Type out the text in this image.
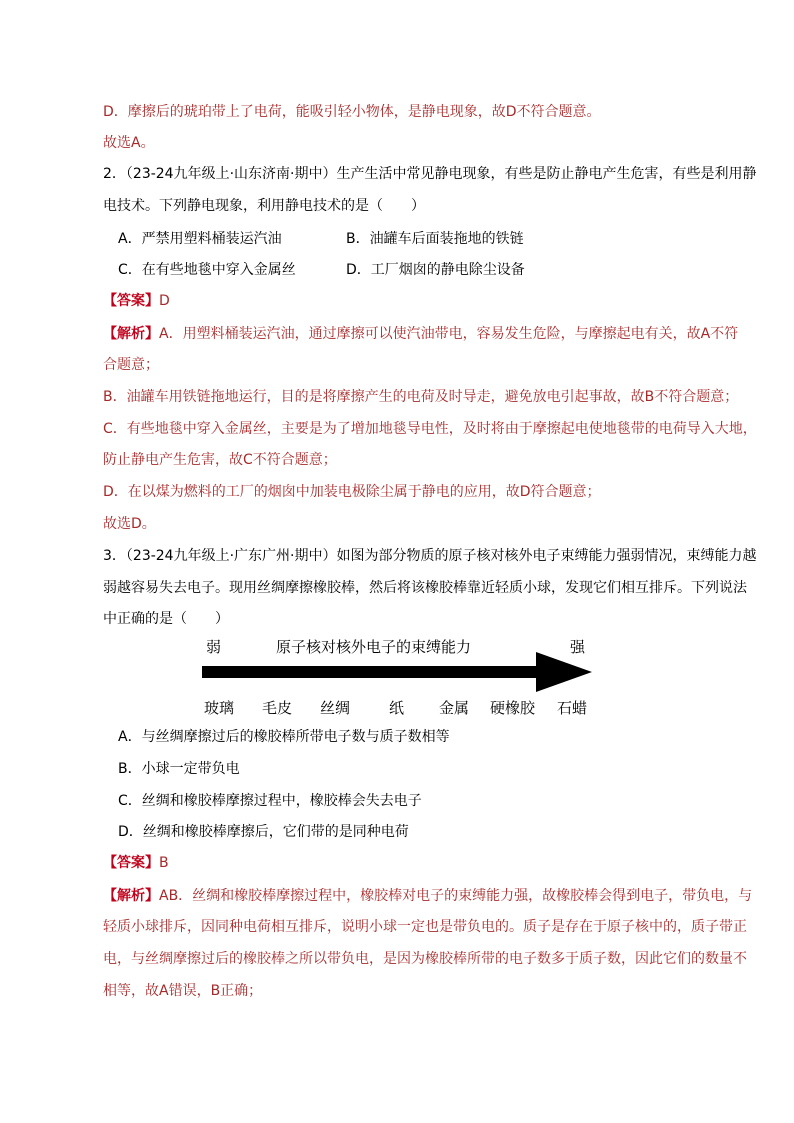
D．摩擦后的琥珀带上了电荷，能吸引轻小物体，是静电现象，故D不符合题意。
故选A。
2．（23-24九年级上·山东济南·期中）生产生活中常见静电现象，有些是防止静电产生危害，有些是利用静
电技术。下列静电现象，利用静电技术的是（　　）
A．严禁用塑料桶装运汽油	B．油罐车后面装拖地的铁链
C．在有些地毯中穿入金属丝	D．工厂烟囱的静电除尘设备
【答案】D
【解析】A．用塑料桶装运汽油，通过摩擦可以使汽油带电，容易发生危险，与摩擦起电有关，故A不符
合题意；
B．油罐车用铁链拖地运行，目的是将摩擦产生的电荷及时导走，避免放电引起事故，故B不符合题意；
C．有些地毯中穿入金属丝，主要是为了增加地毯导电性，及时将由于摩擦起电使地毯带的电荷导入大地，
防止静电产生危害，故C不符合题意；
D．在以煤为燃料的工厂的烟囱中加装电极除尘属于静电的应用，故D符合题意；
故选D。
3．（23-24九年级上·广东广州·期中）如图为部分物质的原子核对核外电子束缚能力强弱情况，束缚能力越
弱越容易失去电子。现用丝绸摩擦橡胶棒，然后将该橡胶棒靠近轻质小球，发现它们相互排斥。下列说法
中正确的是（　　）
弱	原子核对核外电子的束缚能力	强
玻璃 毛皮 丝绸	纸 金属 硬橡胶 石蜡
A．与丝绸摩擦过后的橡胶棒所带电子数与质子数相等
B．小球一定带负电
C．丝绸和橡胶棒摩擦过程中，橡胶棒会失去电子
D．丝绸和橡胶棒摩擦后，它们带的是同种电荷
【答案】B
【解析】AB．丝绸和橡胶棒摩擦过程中，橡胶棒对电子的束缚能力强，故橡胶棒会得到电子，带负电，与
轻质小球排斥，因同种电荷相互排斥，说明小球一定也是带负电的。质子是存在于原子核中的，质子带正
电，与丝绸摩擦过后的橡胶棒之所以带负电，是因为橡胶棒所带的电子数多于质子数，因此它们的数量不
相等，故A错误，B正确；
